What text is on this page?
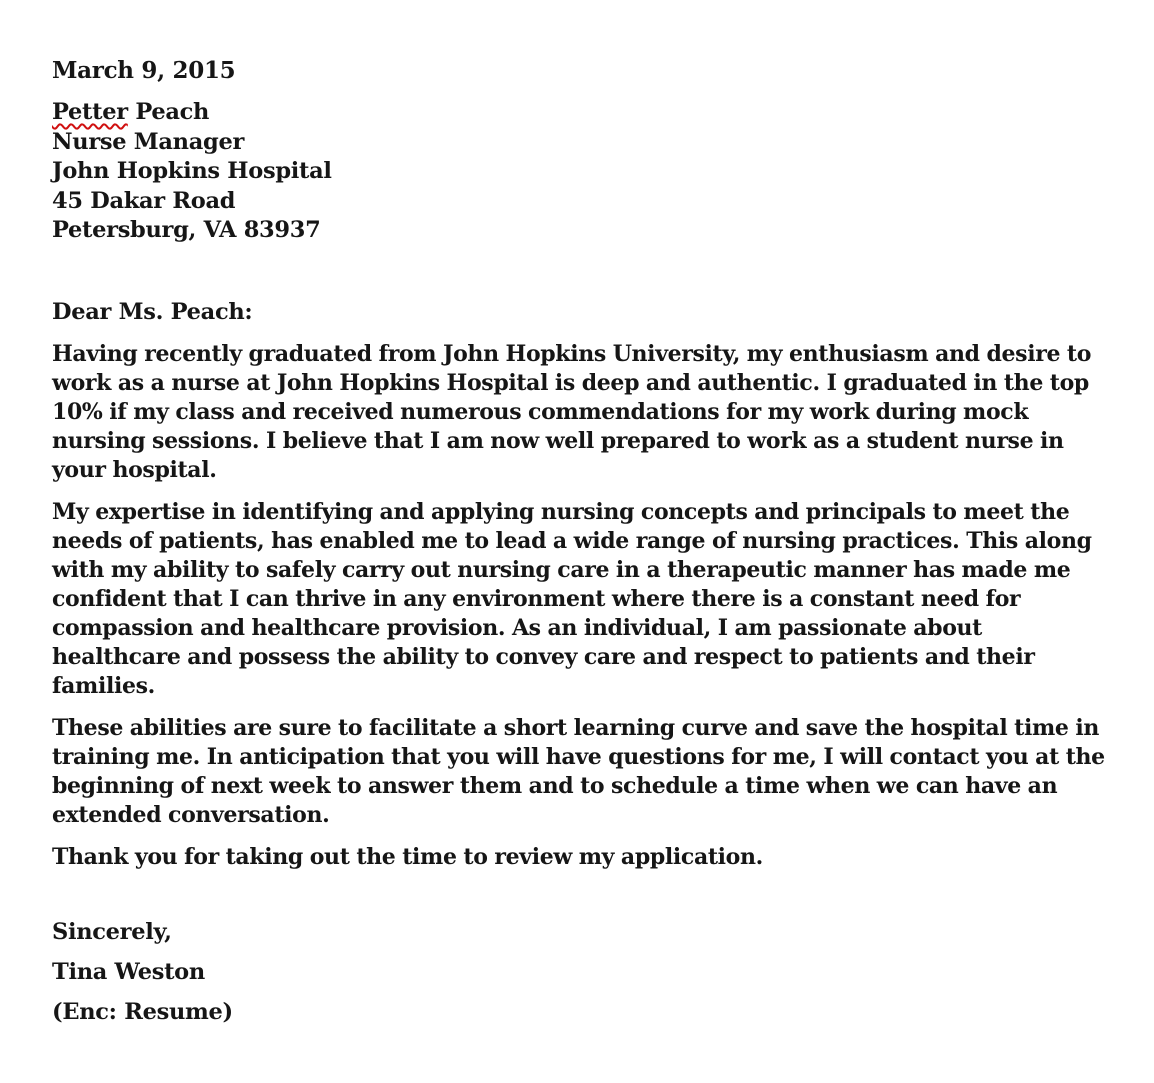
March 9, 2015

Petter Peach
Nurse Manager
John Hopkins Hospital
45 Dakar Road
Petersburg, VA 83937

Dear Ms. Peach:

Having recently graduated from John Hopkins University, my enthusiasm and desire to work as a nurse at John Hopkins Hospital is deep and authentic. I graduated in the top 10% if my class and received numerous commendations for my work during mock nursing sessions. I believe that I am now well prepared to work as a student nurse in your hospital.

My expertise in identifying and applying nursing concepts and principals to meet the needs of patients, has enabled me to lead a wide range of nursing practices. This along with my ability to safely carry out nursing care in a therapeutic manner has made me confident that I can thrive in any environment where there is a constant need for compassion and healthcare provision. As an individual, I am passionate about healthcare and possess the ability to convey care and respect to patients and their families.

These abilities are sure to facilitate a short learning curve and save the hospital time in training me. In anticipation that you will have questions for me, I will contact you at the beginning of next week to answer them and to schedule a time when we can have an extended conversation.

Thank you for taking out the time to review my application.

Sincerely,

Tina Weston

(Enc: Resume)
